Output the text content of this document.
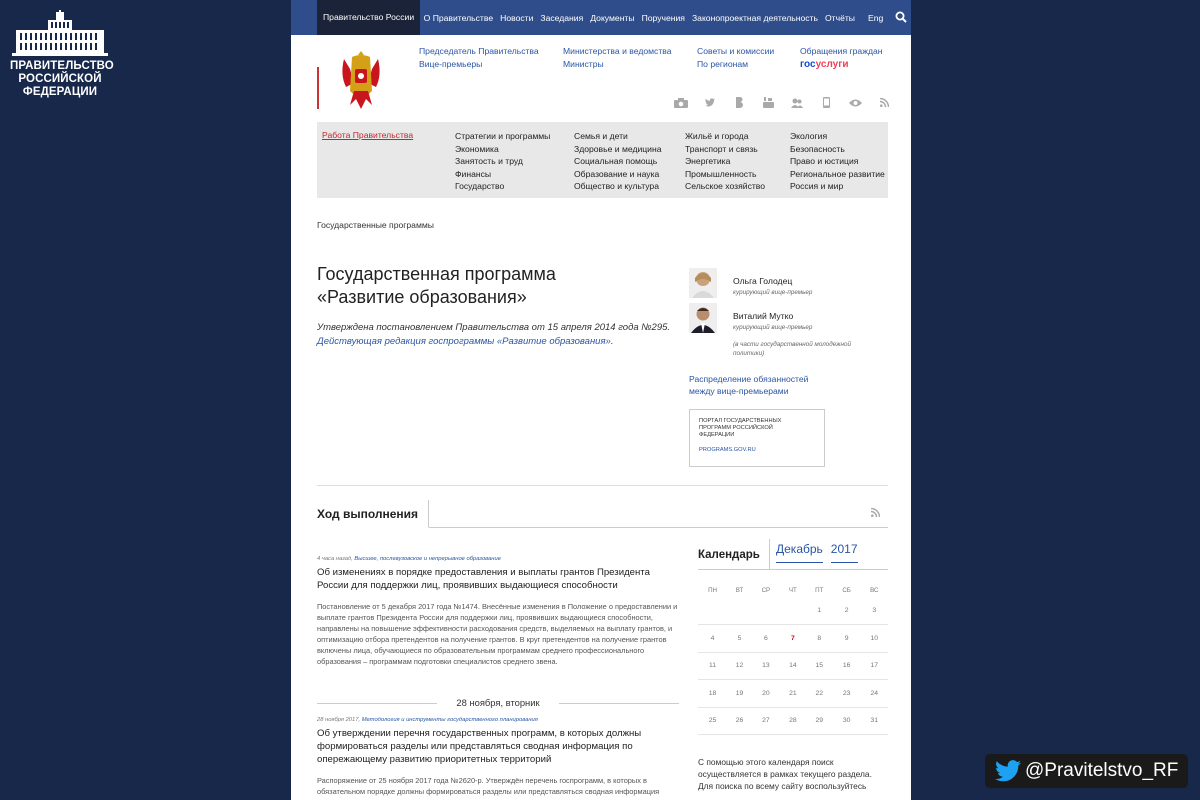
ПРАВИТЕЛЬСТВО
РОССИЙСКОЙ
ФЕДЕРАЦИИ
@Pravitelstvo_RF
Правительство России	О Правительстве Новости Заседания Документы Поручения Законопроектная деятельность Отчёты	Eng
Председатель Правительства
Вице-премьеры
Министерства и ведомства
Министры
Советы и комиссии
По регионам
Обращения граждан
госуслуги
Работа Правительства	Стратегии и программы
Экономика
Занятость и труд
Финансы
Государство
Семья и дети
Здоровье и медицина
Социальная помощь
Образование и наука
Общество и культура
Жильё и города
Транспорт и связь
Энергетика
Промышленность
Сельское хозяйство
Экология
Безопасность
Право и юстиция
Региональное развитие
Россия и мир
Государственные программы
Государственная программа «Развитие образования»
Утверждена постановлением Правительства от 15 апреля 2014 года №295.
Действующая редакция госпрограммы «Развитие образования».
Ольга Голодец
курирующий вице-премьер
Виталий Мутко
курирующий вице-премьер
(в части государственной молодежной политики)
Распределение обязанностей
между вице-премьерами
ПОРТАЛ ГОСУДАРСТВЕННЫХ
ПРОГРАММ РОССИЙСКОЙ
ФЕДЕРАЦИИ
PROGRAMS.GOV.RU
Ход выполнения
4 часа назад, Высшее, послевузовское и непрерывное образование
Об изменениях в порядке предоставления и выплаты грантов Президента России для поддержки лиц, проявивших выдающиеся способности
Постановление от 5 декабря 2017 года №1474. Внесённые изменения в Положение о предоставлении и выплате грантов Президента России для поддержки лиц, проявивших выдающиеся способности, направлены на повышение эффективности расходования средств, выделяемых на выплату грантов, и оптимизацию отбора претендентов на получение грантов. В круг претендентов на получение грантов включены лица, обучающиеся по образовательным программам среднего профессионального образования – программам подготовки специалистов среднего звена.
28 ноября, вторник
28 ноября 2017, Методология и инструменты государственного планирования
Об утверждении перечня государственных программ, в которых должны формироваться разделы или представляться сводная информация по опережающему развитию приоритетных территорий
Распоряжение от 25 ноября 2017 года №2620-р. Утверждён перечень госпрограмм, в которых в обязательном порядке должны формироваться разделы или представляться сводная информация
Календарь	Декабрь 2017
ПН	ВТ	СР	ЧТ	ПТ	СБ	ВС
				1	2	3
4	5	6	7	8	9	10
11	12	13	14	15	16	17
18	19	20	21	22	23	24
25	26	27	28	29	30	31
С помощью этого календаря поиск осуществляется в рамках текущего раздела. Для поиска по всему сайту воспользуйтесь
